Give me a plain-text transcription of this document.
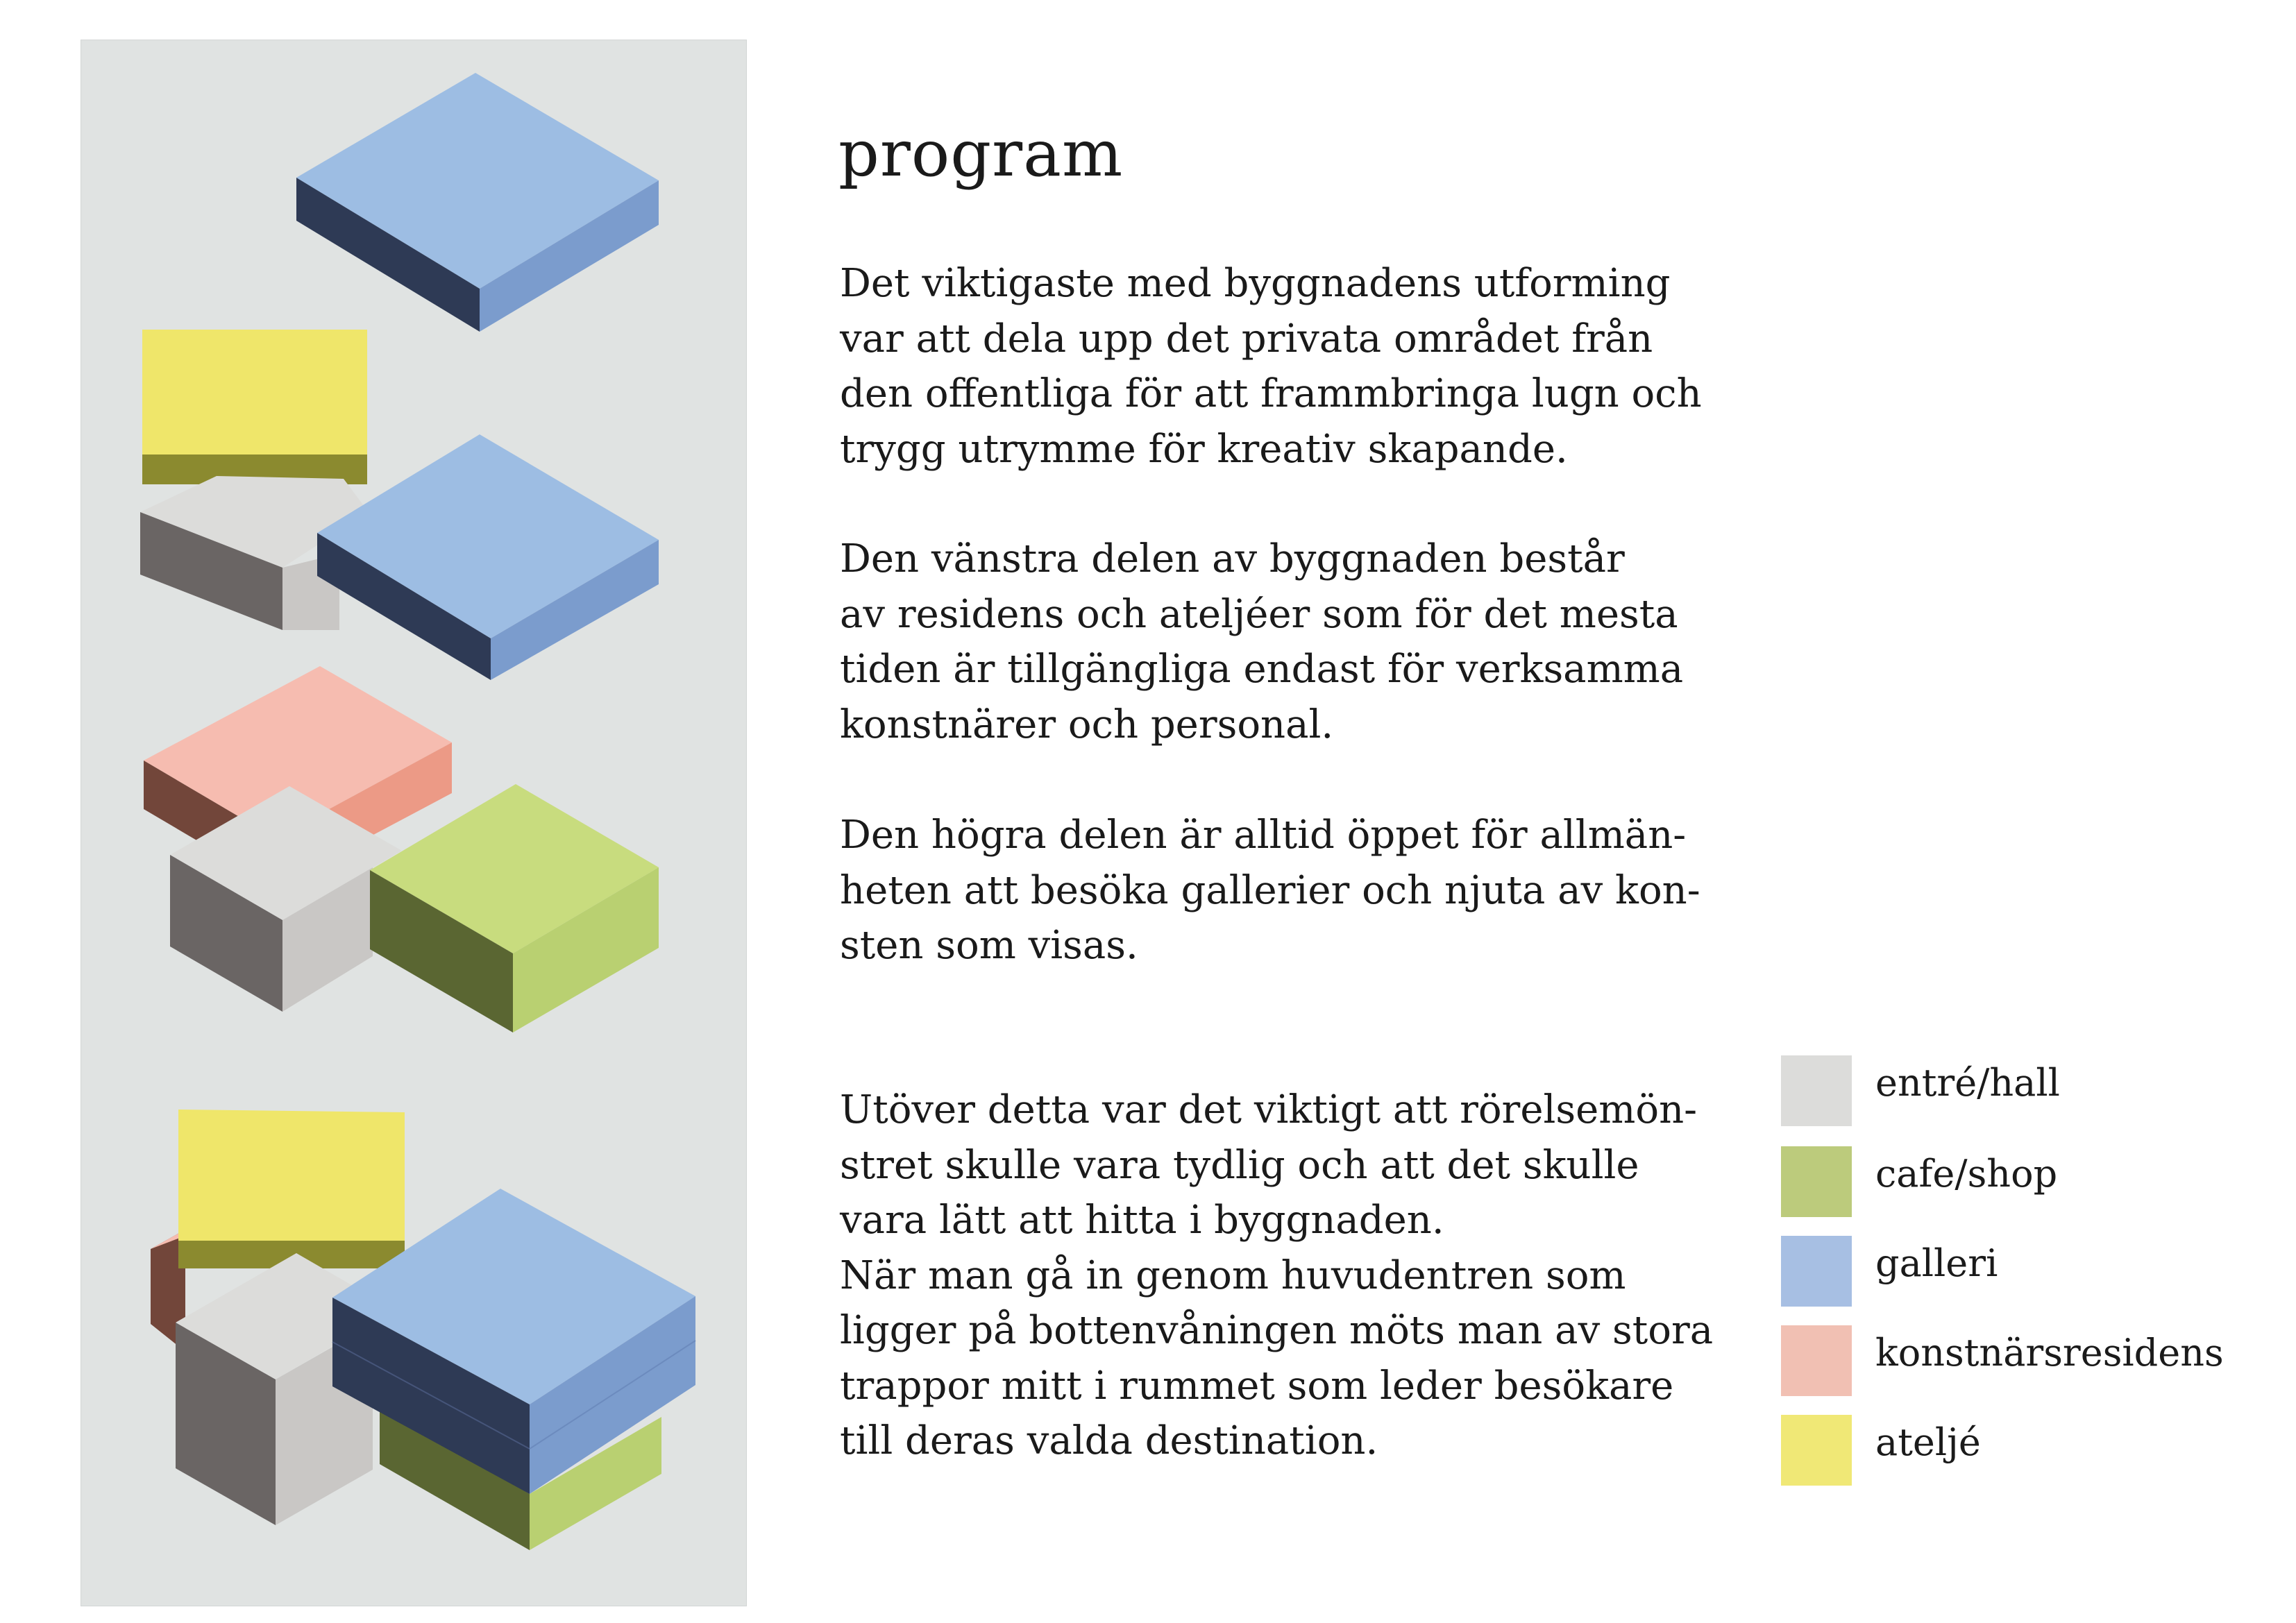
program

Det viktigaste med byggnadens utforming
var att dela upp det privata området från
den offentliga för att frammbringa lugn och
trygg utrymme för kreativ skapande.

Den vänstra delen av byggnaden består
av residens och ateljéer som för det mesta
tiden är tillgängliga endast för verksamma
konstnärer och personal.

Den högra delen är alltid öppet för allmän-
heten att besöka gallerier och njuta av kon-
sten som visas.

Utöver detta var det viktigt att rörelsemön-
stret skulle vara tydlig och att det skulle
vara lätt att hitta i byggnaden.
När man gå in genom huvudentren som
ligger på bottenvåningen möts man av stora
trappor mitt i rummet som leder besökare
till deras valda destination.

entré/hall
cafe/shop
galleri
konstnärsresidens
ateljé
